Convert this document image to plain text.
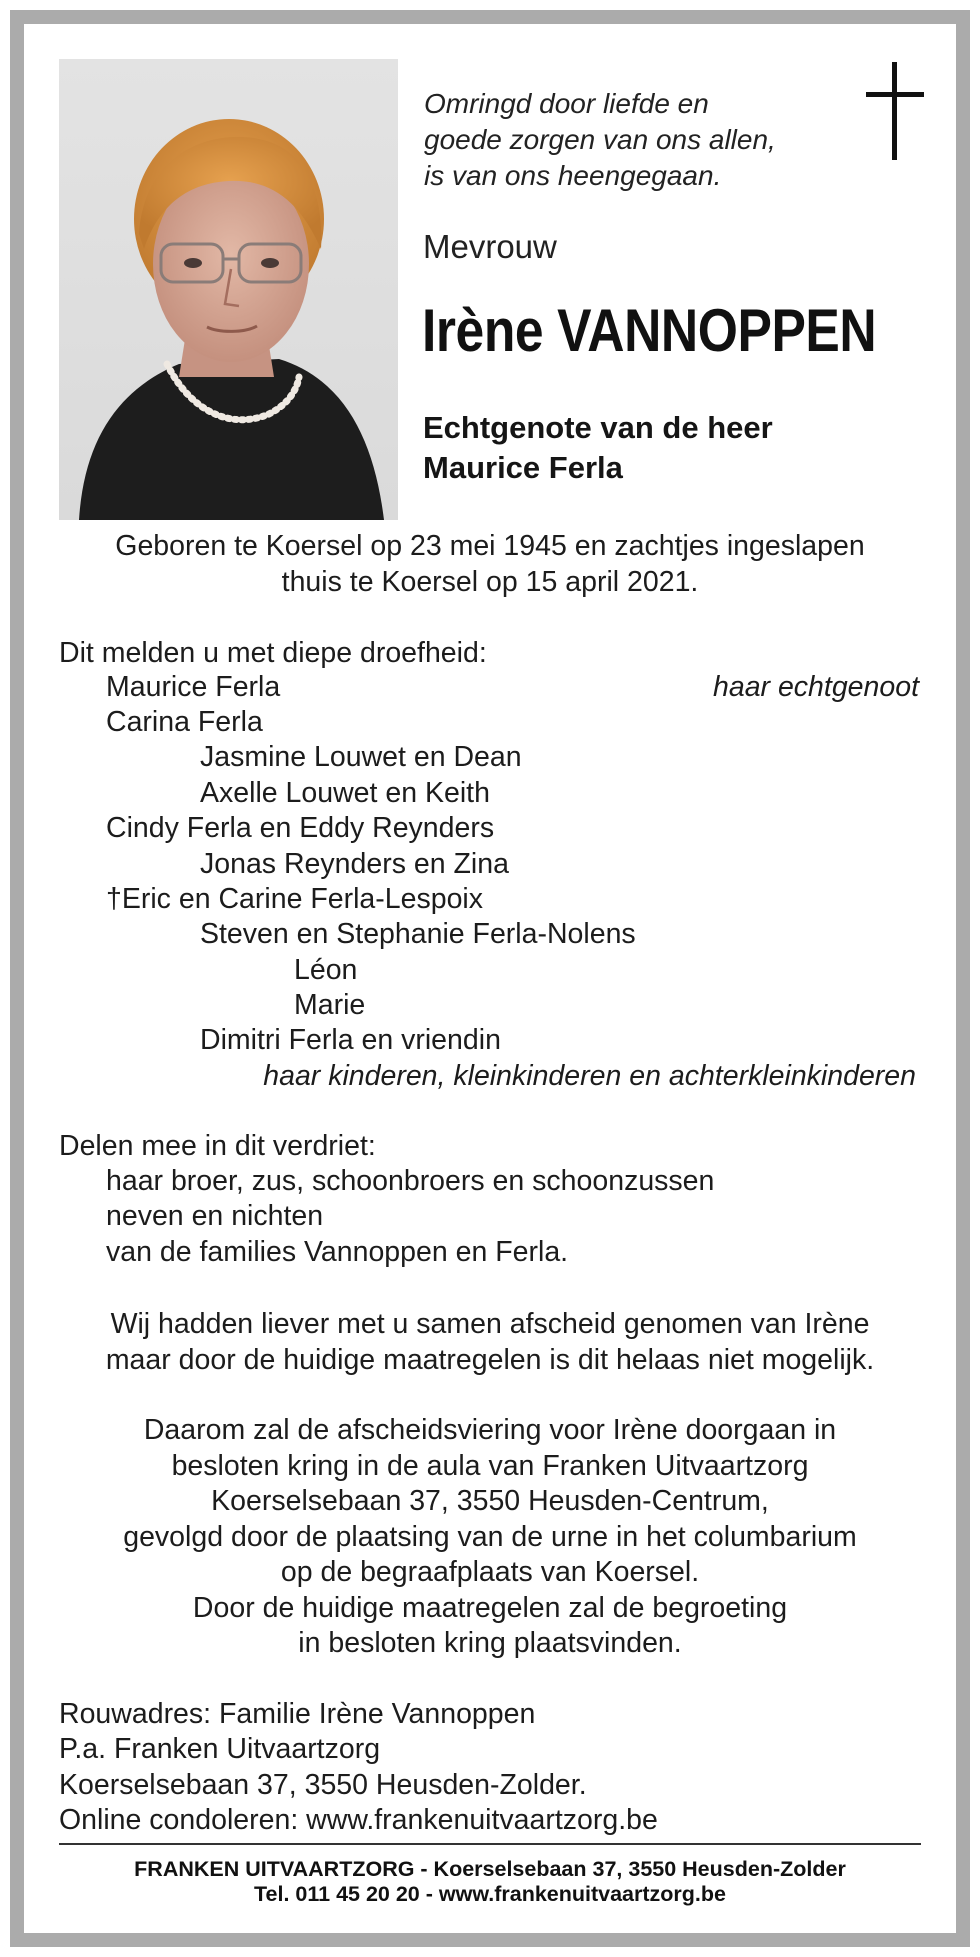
Omringd door liefde en
goede zorgen van ons allen,
is van ons heengegaan.
Mevrouw
Irène VANNOPPEN
Echtgenote van de heer
Maurice Ferla
Geboren te Koersel op 23 mei 1945 en zachtjes ingeslapen
thuis te Koersel op 15 april 2021.
Dit melden u met diepe droefheid:
Maurice Ferla	haar echtgenoot
Carina Ferla
Jasmine Louwet en Dean
Axelle Louwet en Keith
Cindy Ferla en Eddy Reynders
Jonas Reynders en Zina
†Eric en Carine Ferla-Lespoix
Steven en Stephanie Ferla-Nolens
Léon
Marie
Dimitri Ferla en vriendin
haar kinderen, kleinkinderen en achterkleinkinderen
Delen mee in dit verdriet:
haar broer, zus, schoonbroers en schoonzussen
neven en nichten
van de families Vannoppen en Ferla.
Wij hadden liever met u samen afscheid genomen van Irène
maar door de huidige maatregelen is dit helaas niet mogelijk.
Daarom zal de afscheidsviering voor Irène doorgaan in
besloten kring in de aula van Franken Uitvaartzorg
Koerselsebaan 37, 3550 Heusden-Centrum,
gevolgd door de plaatsing van de urne in het columbarium
op de begraafplaats van Koersel.
Door de huidige maatregelen zal de begroeting
in besloten kring plaatsvinden.
Rouwadres: Familie Irène Vannoppen
P.a. Franken Uitvaartzorg
Koerselsebaan 37, 3550 Heusden-Zolder.
Online condoleren: www.frankenuitvaartzorg.be
FRANKEN UITVAARTZORG - Koerselsebaan 37, 3550 Heusden-Zolder
Tel. 011 45 20 20 - www.frankenuitvaartzorg.be
